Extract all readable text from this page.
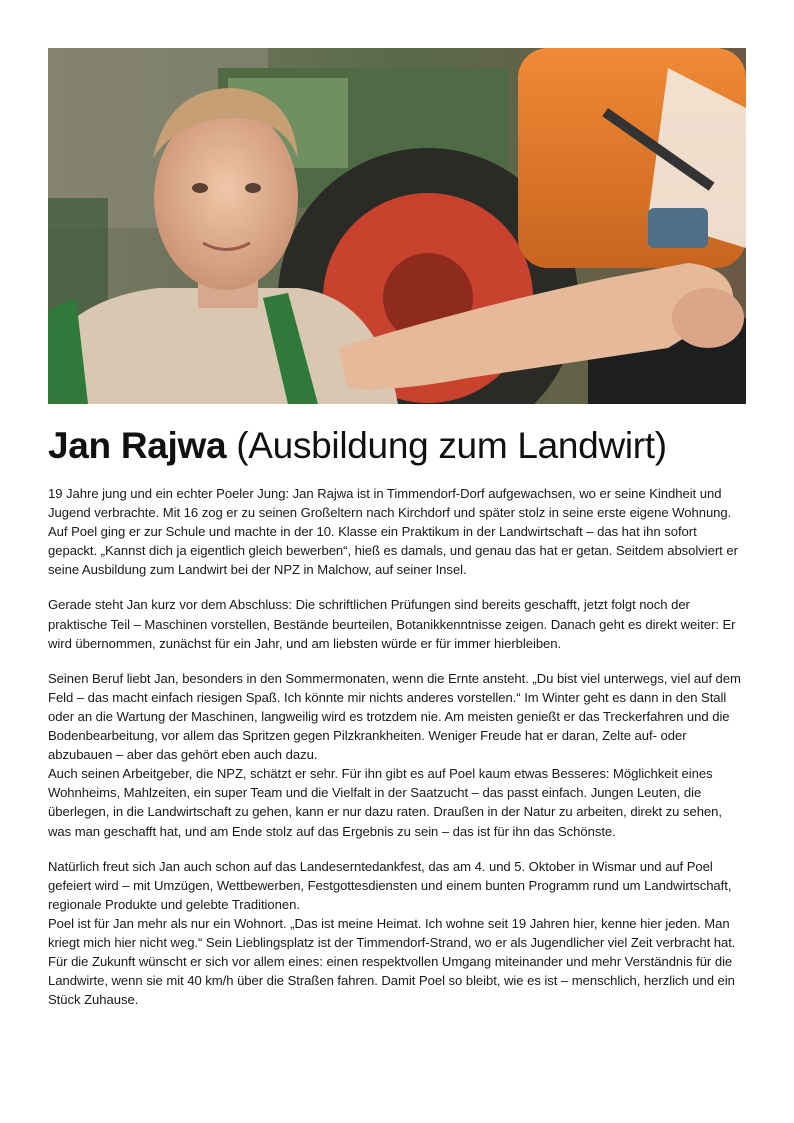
Jan Rajwa (Ausbildung zum Landwirt)

19 Jahre jung und ein echter Poeler Jung: Jan Rajwa ist in Timmendorf-Dorf aufgewachsen, wo er seine Kindheit und Jugend verbrachte. Mit 16 zog er zu seinen Großeltern nach Kirchdorf und später stolz in seine erste eigene Wohnung. Auf Poel ging er zur Schule und machte in der 10. Klasse ein Praktikum in der Landwirtschaft – das hat ihn sofort gepackt. „Kannst dich ja eigentlich gleich bewerben“, hieß es damals, und genau das hat er getan. Seitdem absolviert er seine Ausbildung zum Landwirt bei der NPZ in Malchow, auf seiner Insel.

Gerade steht Jan kurz vor dem Abschluss: Die schriftlichen Prüfungen sind bereits geschafft, jetzt folgt noch der praktische Teil – Maschinen vorstellen, Bestände beurteilen, Botanikkenntnisse zeigen. Danach geht es direkt weiter: Er wird übernommen, zunächst für ein Jahr, und am liebsten würde er für immer hierbleiben.

Seinen Beruf liebt Jan, besonders in den Sommermonaten, wenn die Ernte ansteht. „Du bist viel unterwegs, viel auf dem Feld – das macht einfach riesigen Spaß. Ich könnte mir nichts anderes vorstellen.“ Im Winter geht es dann in den Stall oder an die Wartung der Maschinen, langweilig wird es trotzdem nie. Am meisten genießt er das Treckerfahren und die Bodenbearbeitung, vor allem das Spritzen gegen Pilzkrankheiten. Weniger Freude hat er daran, Zelte auf- oder abzubauen – aber das gehört eben auch dazu.

Auch seinen Arbeitgeber, die NPZ, schätzt er sehr. Für ihn gibt es auf Poel kaum etwas Besseres: Möglichkeit eines Wohnheims, Mahlzeiten, ein super Team und die Vielfalt in der Saatzucht – das passt einfach. Jungen Leuten, die überlegen, in die Landwirtschaft zu gehen, kann er nur dazu raten. Draußen in der Natur zu arbeiten, direkt zu sehen, was man geschafft hat, und am Ende stolz auf das Ergebnis zu sein – das ist für ihn das Schönste.

Natürlich freut sich Jan auch schon auf das Landeserntedankfest, das am 4. und 5. Oktober in Wismar und auf Poel gefeiert wird – mit Umzügen, Wettbewerben, Festgottesdiensten und einem bunten Programm rund um Landwirtschaft, regionale Produkte und gelebte Traditionen.

Poel ist für Jan mehr als nur ein Wohnort. „Das ist meine Heimat. Ich wohne seit 19 Jahren hier, kenne hier jeden. Man kriegt mich hier nicht weg.“ Sein Lieblingsplatz ist der Timmendorf-Strand, wo er als Jugendlicher viel Zeit verbracht hat. Für die Zukunft wünscht er sich vor allem eines: einen respektvollen Umgang miteinander und mehr Verständnis für die Landwirte, wenn sie mit 40 km/h über die Straßen fahren. Damit Poel so bleibt, wie es ist – menschlich, herzlich und ein Stück Zuhause.
